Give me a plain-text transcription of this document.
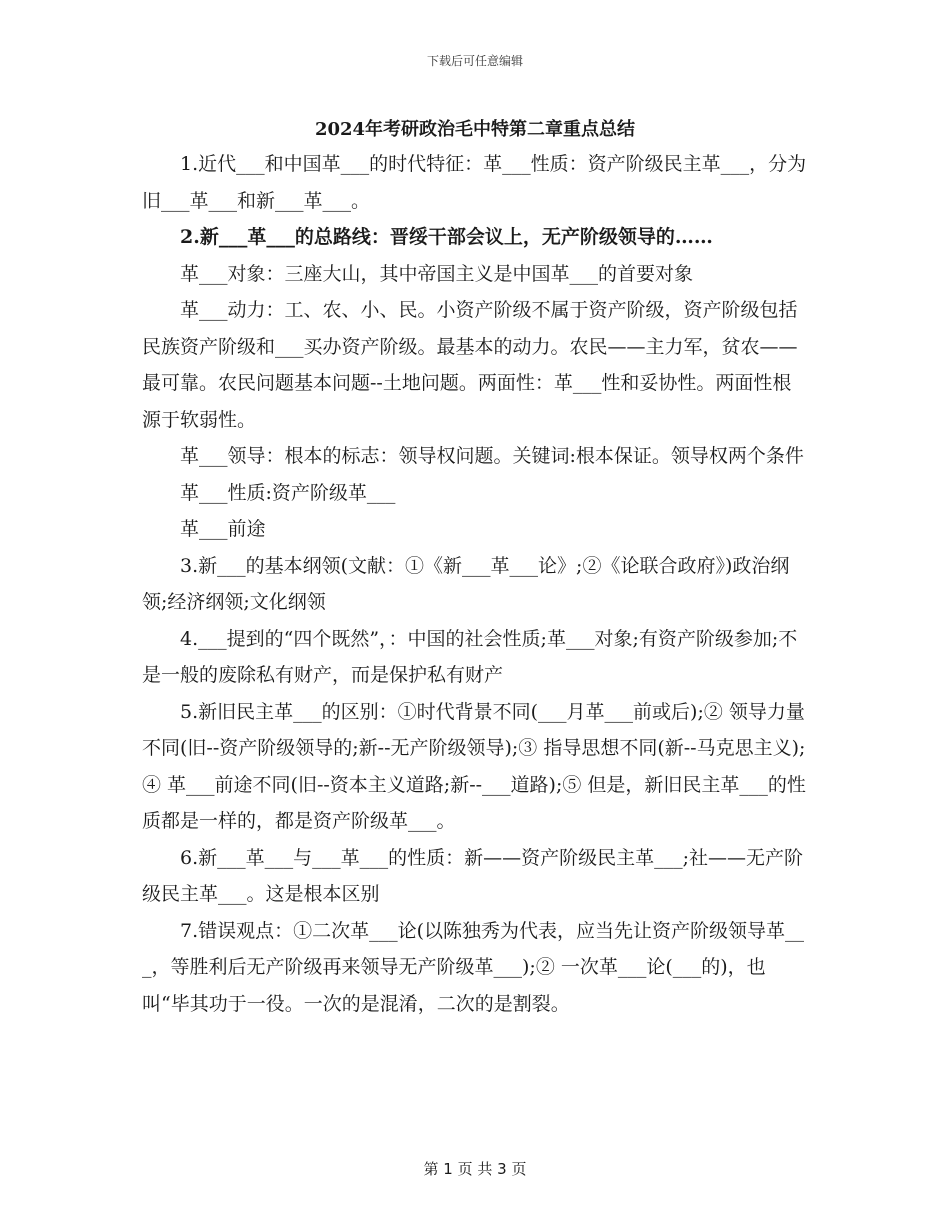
下载后可任意编辑
2024年考研政治毛中特第二章重点总结

1.近代___和中国革___的时代特征：革___性质：资产阶级民主革___，分为旧___革___和新___革___。

2.新___革___的总路线：晋绥干部会议上，无产阶级领导的……

革___对象：三座大山，其中帝国主义是中国革___的首要对象

革___动力：工、农、小、民。小资产阶级不属于资产阶级，资产阶级包括民族资产阶级和___买办资产阶级。最基本的动力。农民——主力军，贫农——最可靠。农民问题基本问题--土地问题。两面性：革___性和妥协性。两面性根源于软弱性。

革___领导：根本的标志：领导权问题。关键词:根本保证。领导权两个条件

革___性质:资产阶级革___

革___前途

3.新___的基本纲领(文献：①《新___革___论》;②《论联合政府》)政治纲领;经济纲领;文化纲领

4.___提到的“四个既然”，：中国的社会性质;革___对象;有资产阶级参加;不是一般的废除私有财产，而是保护私有财产

5.新旧民主革___的区别：①时代背景不同(___月革___前或后);② 领导力量不同(旧--资产阶级领导的;新--无产阶级领导);③ 指导思想不同(新--马克思主义);④ 革___前途不同(旧--资本主义道路;新--___道路);⑤ 但是，新旧民主革___的性质都是一样的，都是资产阶级革___。

6.新___革___与___革___的性质：新——资产阶级民主革___;社——无产阶级民主革___。这是根本区别

7.错误观点：①二次革___论(以陈独秀为代表，应当先让资产阶级领导革___，等胜利后无产阶级再来领导无产阶级革___);② 一次革___论(___的)，也叫“毕其功于一役。一次的是混淆，二次的是割裂。

第 1 页 共 3 页
